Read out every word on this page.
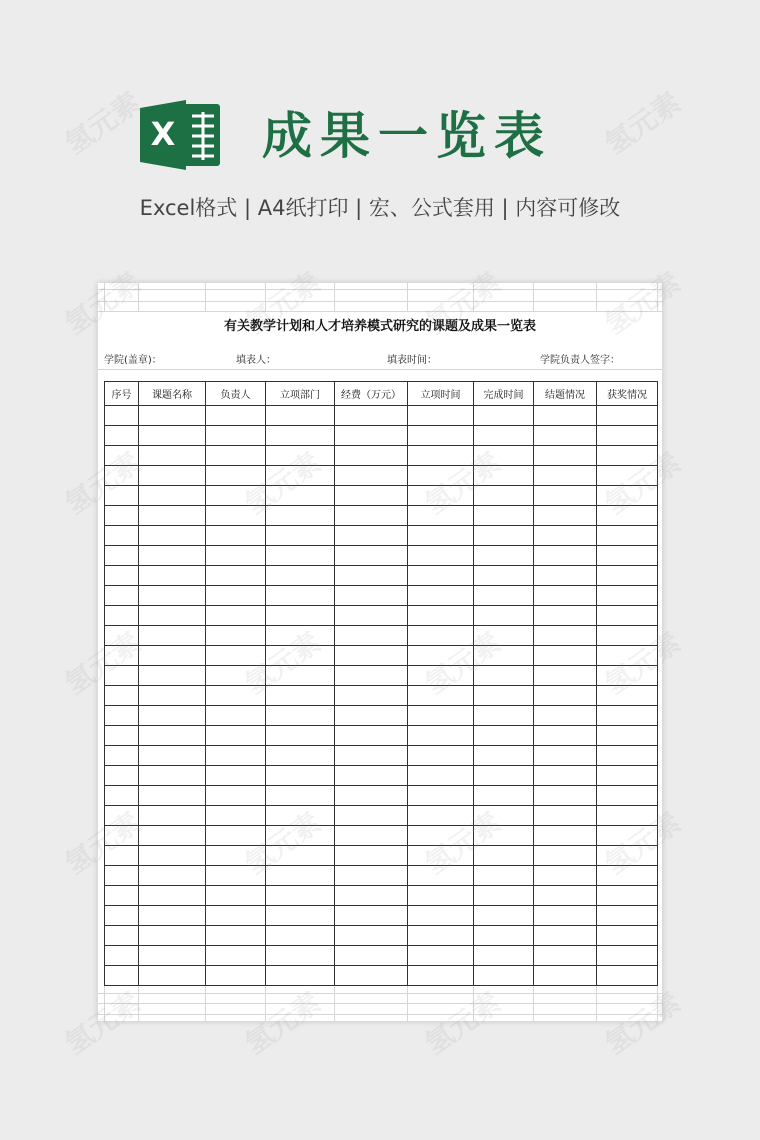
X 成果一览表
Excel格式 | A4纸打印 | 宏、公式套用 | 内容可修改
有关教学计划和人才培养模式研究的课题及成果一览表
学院(盖章)：	填表人：	填表时间：	学院负责人签字：
序号	课题名称	负责人	立项部门	经费（万元）	立项时间	完成时间	结题情况	获奖情况

氢元素
氢元素
氢元素	氢元素	氢元素	氢元素
